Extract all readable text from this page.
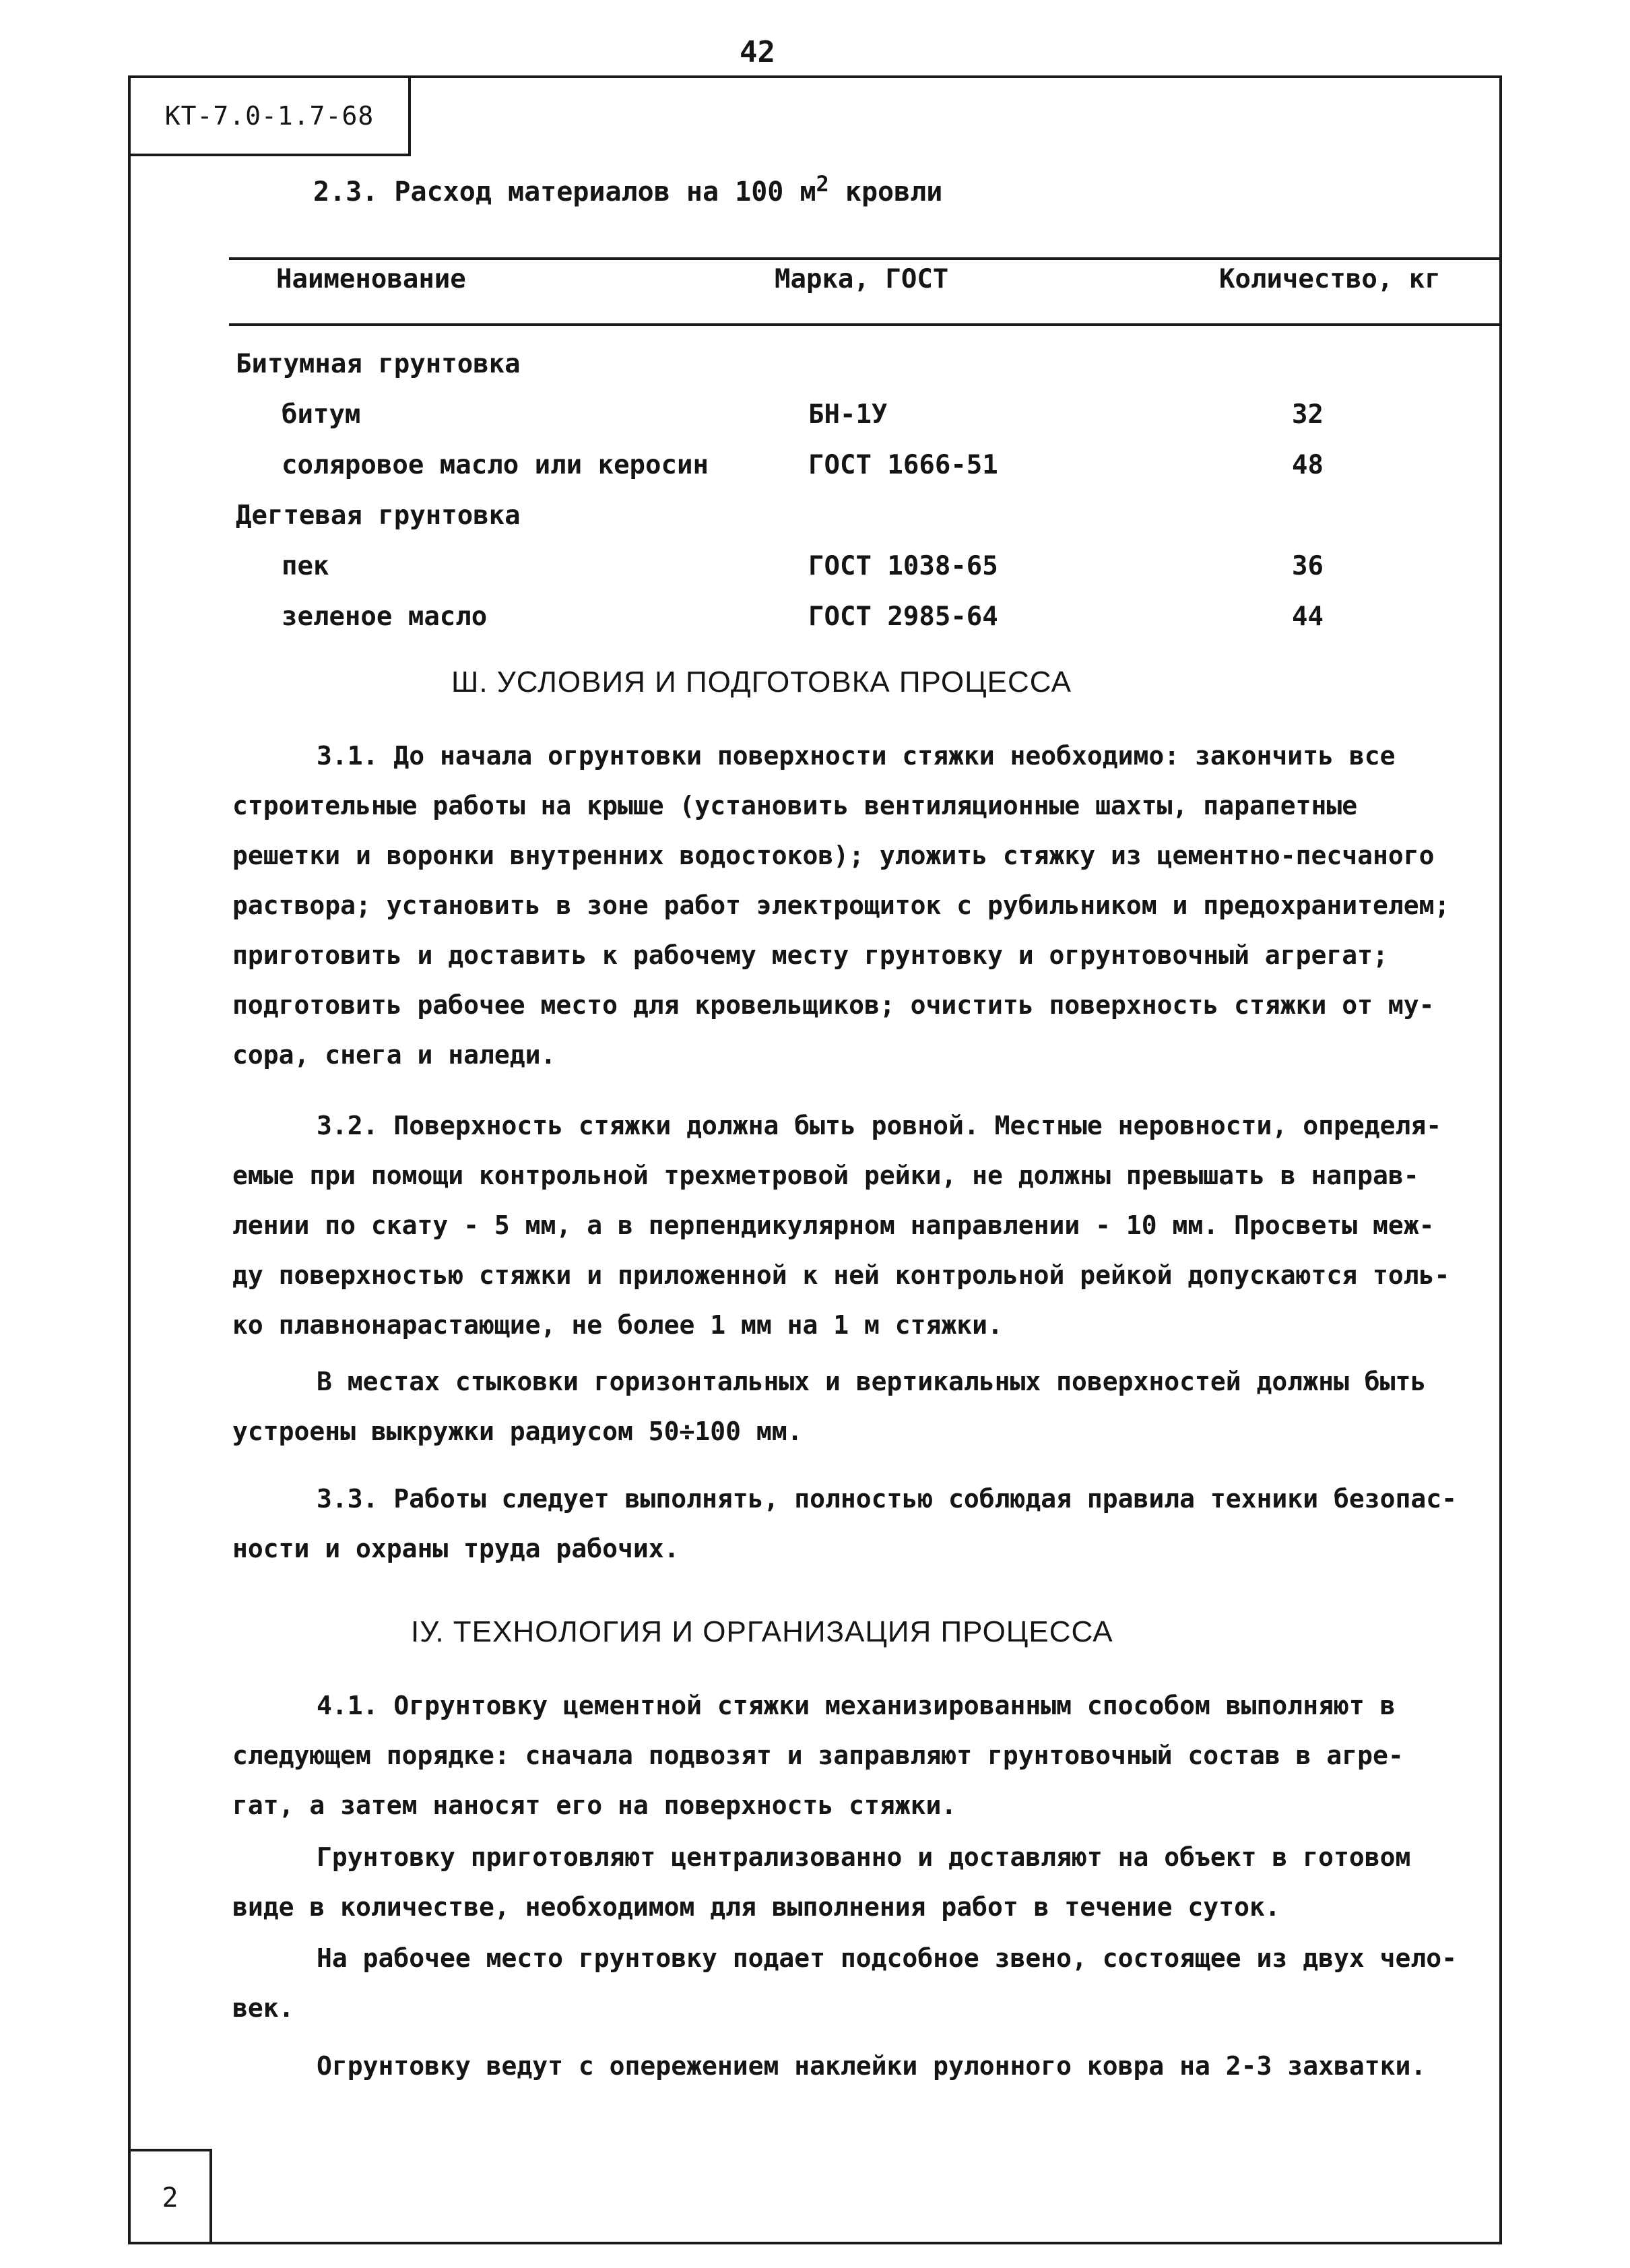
42
КТ-7.0-1.7-68
2
2.3. Расход материалов на 100 $м^2$ кровли
Наименование	Марка, ГОСТ	Количество, кг
Битумная грунтовка
битум	БН-1У	32
соляровое масло или керосин	ГОСТ 1666-51	48
Дегтевая грунтовка
пек	ГОСТ 1038-65	36
зеленое масло	ГОСТ 2985-64	44
Ш. УСЛОВИЯ И ПОДГОТОВКА ПРОЦЕССА
3.1. До начала огрунтовки поверхности стяжки необходимо: закончить все
строительные работы на крыше (установить вентиляционные шахты, парапетные
решетки и воронки внутренних водостоков); уложить стяжку из цементно-песчаного
раствора; установить в зоне работ электрощиток с рубильником и предохранителем;
приготовить и доставить к рабочему месту грунтовку и огрунтовочный агрегат;
подготовить рабочее место для кровельщиков; очистить поверхность стяжки от му-
сора, снега и наледи.
3.2. Поверхность стяжки должна быть ровной. Местные неровности, определя-
емые при помощи контрольной трехметровой рейки, не должны превышать в направ-
лении по скату - 5 мм, а в перпендикулярном направлении - 10 мм. Просветы меж-
ду поверхностью стяжки и приложенной к ней контрольной рейкой допускаются толь-
ко плавнонарастающие, не более 1 мм на 1 м стяжки.
В местах стыковки горизонтальных и вертикальных поверхностей должны быть
устроены выкружки радиусом 50÷100 мм.
3.3. Работы следует выполнять, полностью соблюдая правила техники безопас-
ности и охраны труда рабочих.
IУ. ТЕХНОЛОГИЯ И ОРГАНИЗАЦИЯ ПРОЦЕССА
4.1. Огрунтовку цементной стяжки механизированным способом выполняют в
следующем порядке: сначала подвозят и заправляют грунтовочный состав в агре-
гат, а затем наносят его на поверхность стяжки.
Грунтовку приготовляют централизованно и доставляют на объект в готовом
виде в количестве, необходимом для выполнения работ в течение суток.
На рабочее место грунтовку подает подсобное звено, состоящее из двух чело-
век.
Огрунтовку ведут с опережением наклейки рулонного ковра на 2-3 захватки.
